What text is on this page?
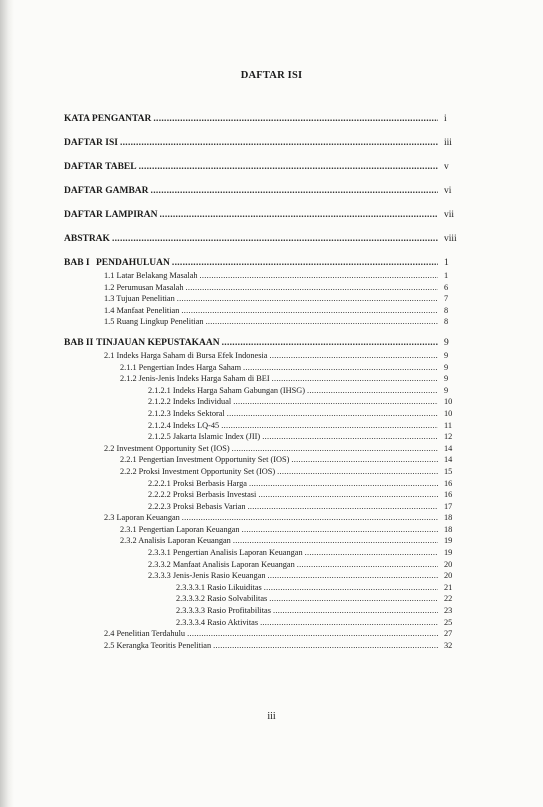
DAFTAR ISI
KATA PENGANTAR .....	i
DAFTAR ISI .....	iii
DAFTAR TABEL .....	v
DAFTAR GAMBAR .....	vi
DAFTAR LAMPIRAN .....	vii
ABSTRAK .....	viii
BAB I PENDAHULUAN .....	1
1.1 Latar Belakang Masalah .....	1
1.2 Perumusan Masalah .....	6
1.3 Tujuan Penelitian .....	7
1.4 Manfaat Penelitian .....	8
1.5 Ruang Lingkup Penelitian .....	8
BAB II TINJAUAN KEPUSTAKAAN .....	9
2.1 Indeks Harga Saham di Bursa Efek Indonesia .....	9
2.1.1 Pengertian Indes Harga Saham .....	9
2.1.2 Jenis-Jenis Indeks Harga Saham di BEI .....	9
2.1.2.1 Indeks Harga Saham Gabungan (IHSG) .....	9
2.1.2.2 Indeks Individual .....	10
2.1.2.3 Indeks Sektoral .....	10
2.1.2.4 Indeks LQ-45 .....	11
2.1.2.5 Jakarta Islamic Index (JII) .....	12
2.2 Investment Opportunity Set (IOS) .....	14
2.2.1 Pengertian Investment Opportunity Set (IOS) .....	14
2.2.2 Proksi Investment Opportunity Set (IOS) .....	15
2.2.2.1 Proksi Berbasis Harga .....	16
2.2.2.2 Proksi Berbasis Investasi .....	16
2.2.2.3 Proksi Bebasis Varian .....	17
2.3 Laporan Keuangan .....	18
2.3.1 Pengertian Laporan Keuangan .....	18
2.3.2 Analisis Laporan Keuangan .....	19
2.3.3.1 Pengertian Analisis Laporan Keuangan .....	19
2.3.3.2 Manfaat Analisis Laporan Keuangan .....	20
2.3.3.3 Jenis-Jenis Rasio Keuangan .....	20
2.3.3.3.1 Rasio Likuiditas .....	21
2.3.3.3.2 Rasio Solvabilitas .....	22
2.3.3.3.3 Rasio Profitabilitas .....	23
2.3.3.3.4 Rasio Aktivitas .....	25
2.4 Penelitian Terdahulu .....	27
2.5 Kerangka Teoritis Penelitian .....	32
iii
